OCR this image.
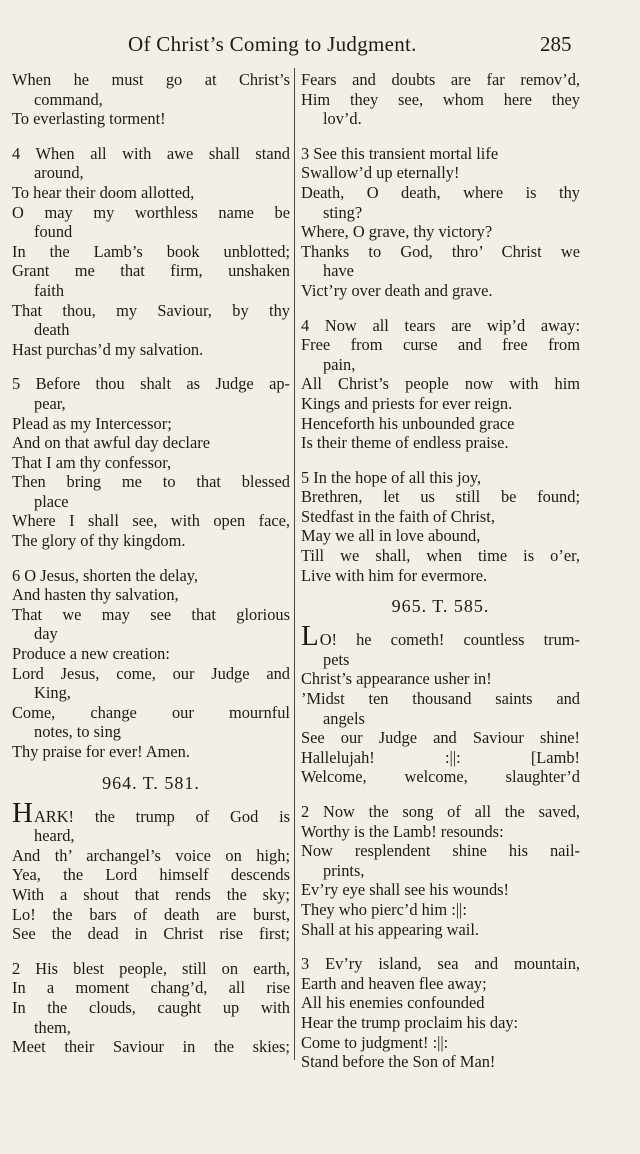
Of Christ’s Coming to Judgment.	285
When he must go at Christ’s
command,
To everlasting torment!
4 When all with awe shall stand
around,
To hear their doom allotted,
O may my worthless name be
found
In the Lamb’s book unblotted;
Grant me that firm, unshaken
faith
That thou, my Saviour, by thy
death
Hast purchas’d my salvation.
5 Before thou shalt as Judge ap-
pear,
Plead as my Intercessor;
And on that awful day declare
That I am thy confessor,
Then bring me to that blessed
place
Where I shall see, with open face,
The glory of thy kingdom.
6 O Jesus, shorten the delay,
And hasten thy salvation,
That we may see that glorious
day
Produce a new creation:
Lord Jesus, come, our Judge and
King,
Come, change our mournful
notes, to sing
Thy praise for ever! Amen.
964. T. 581.
HARK! the trump of God is
heard,
And th’ archangel’s voice on high;
Yea, the Lord himself descends
With a shout that rends the sky;
Lo! the bars of death are burst,
See the dead in Christ rise first;
2 His blest people, still on earth,
In a moment chang’d, all rise
In the clouds, caught up with
them,
Meet their Saviour in the skies;
Fears and doubts are far remov’d,
Him they see, whom here they
lov’d.
3 See this transient mortal life
Swallow’d up eternally!
Death, O death, where is thy
sting?
Where, O grave, thy victory?
Thanks to God, thro’ Christ we
have
Vict’ry over death and grave.
4 Now all tears are wip’d away:
Free from curse and free from
pain,
All Christ’s people now with him
Kings and priests for ever reign.
Henceforth his unbounded grace
Is their theme of endless praise.
5 In the hope of all this joy,
Brethren, let us still be found;
Stedfast in the faith of Christ,
May we all in love abound,
Till we shall, when time is o’er,
Live with him for evermore.
965. T. 585.
LO! he cometh! countless trum-
pets
Christ’s appearance usher in!
’Midst ten thousand saints and
angels
See our Judge and Saviour shine!
Hallelujah! :||: [Lamb!
Welcome, welcome, slaughter’d
2 Now the song of all the saved,
Worthy is the Lamb! resounds:
Now resplendent shine his nail-
prints,
Ev’ry eye shall see his wounds!
They who pierc’d him :||:
Shall at his appearing wail.
3 Ev’ry island, sea and mountain,
Earth and heaven flee away;
All his enemies confounded
Hear the trump proclaim his day:
Come to judgment! :||:
Stand before the Son of Man!
